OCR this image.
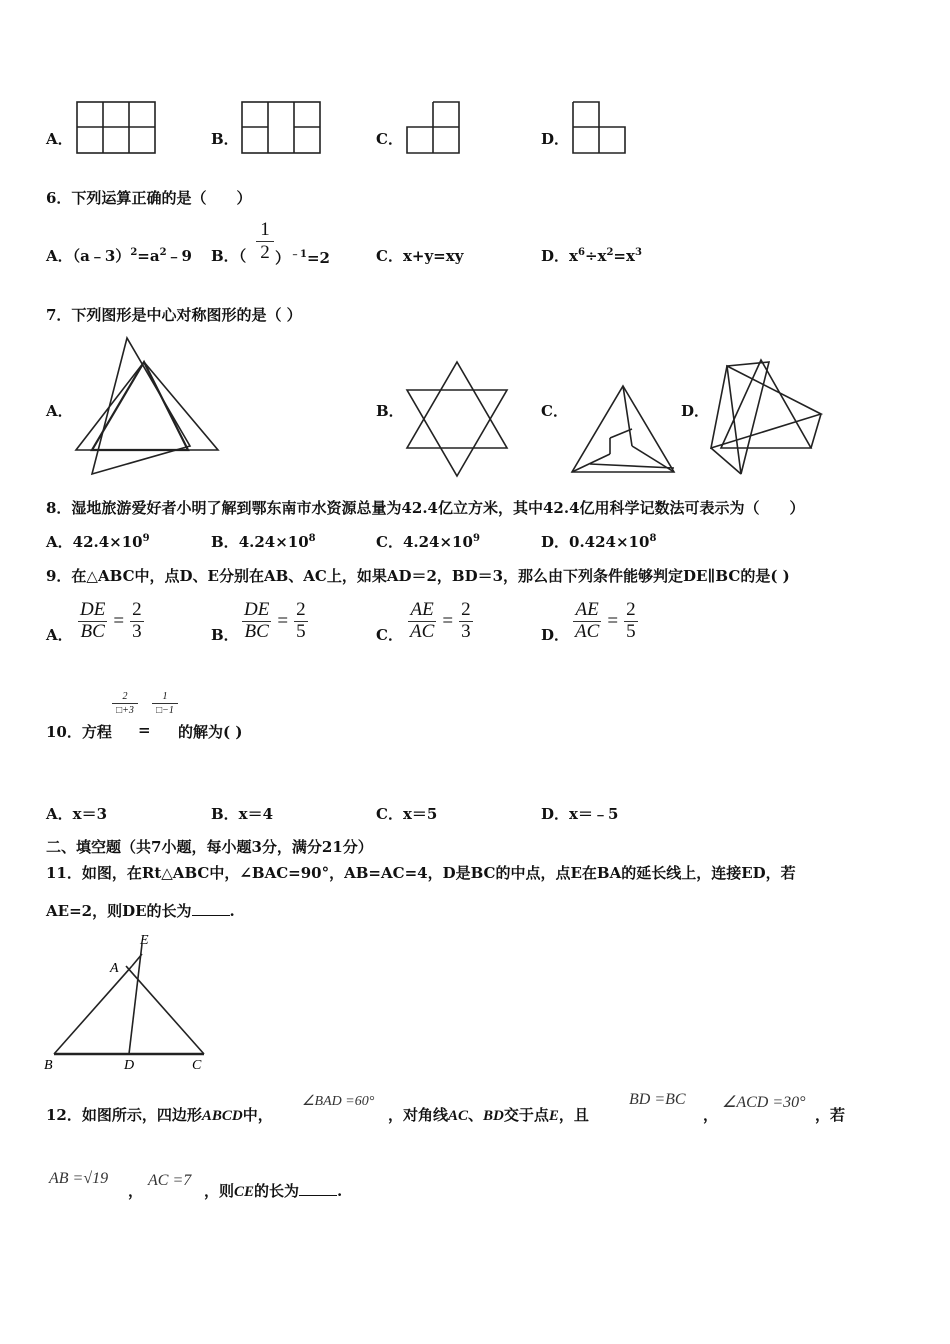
A．	B．	C．	D．
6．下列运算正确的是（　　）
A．$(a﹣3)^2=a^2﹣9$ B．（ $\frac{1}{2} )^{﹣1}=2$	C．x+y=xy	D．$x^6\div x^2=x^3$
7．下列图形是中心对称图形的是（ ）
A．	B．	C．	D．
8．湿地旅游爱好者小明了解到鄂东南市水资源总量为42.4亿立方米，其中42.4亿用科学记数法可表示为（　　）
A．$42.4\times 10^9$	B．$4.24\times 10^8$	C．$4.24\times 10^9$	D．$0.424\times 10^8$
9．在△ABC中，点D、E分别在AB、AC上，如果AD＝2，BD＝3，那么由下列条件能够判定DE∥BC的是( )
A． $\frac{DE}{BC} = \frac{2}{3}$	B． $\frac{DE}{BC} = \frac{2}{5}$	C． $\frac{AE}{AC} = \frac{2}{3}$	D． $\frac{AE}{AC} = \frac{2}{5}$
10．方程
$\frac{2}{□+3}$
=
$\frac{1}{□-1}$
的解为( )
A．x＝3	B．x＝4	C．x＝5	D．x＝﹣5
二、填空题（共7小题，每小题3分，满分21分）
11．如图，在Rt△ABC中，∠BAC=90°，AB=AC=4，D是BC的中点，点E在BA的延长线上，连接ED，若
AE=2，则DE的长为	.
E
A
B	D	C
12．如图所示，四边形ABCD中，
∠BAD =60°
，对角线AC、BD交于点E，且
BD =BC
，
∠ACD =30°
，若
AB =√19
，
AC =7
，则CE的长为	.
